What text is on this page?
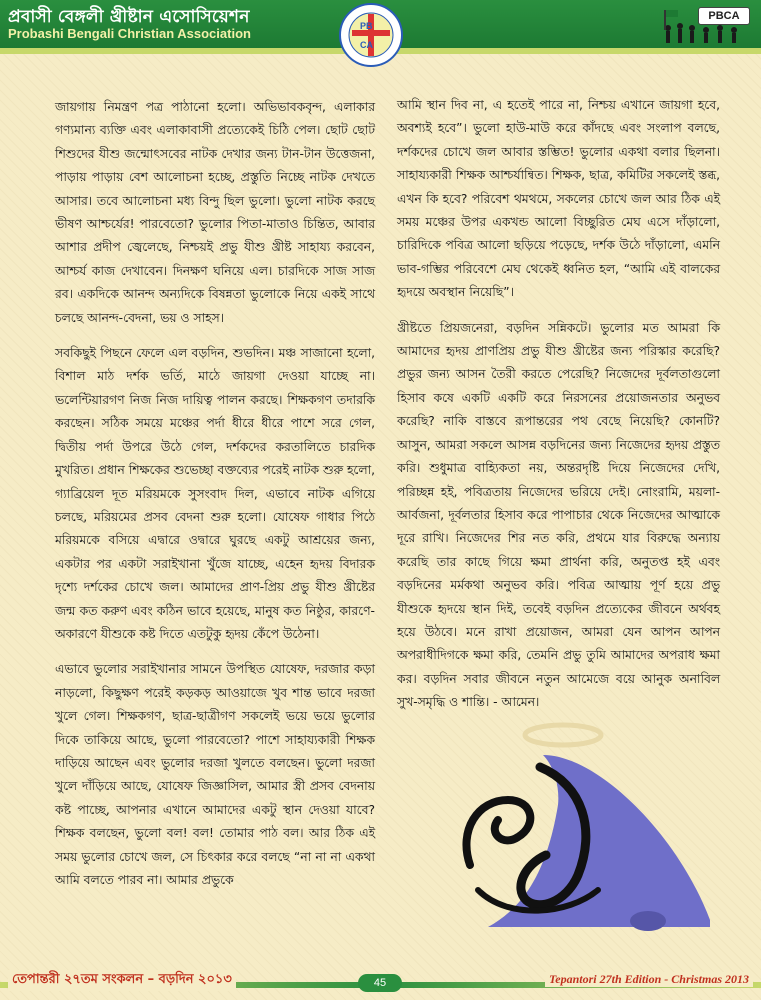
প্রবাসী বেঙ্গলী খ্রীষ্টান এসোসিয়েশন
Probashi Bengali Christian Association	PB
CA
PBCA

জায়গায় নিমন্ত্রণ পত্র পাঠানো হলো। অভিভাবকবৃন্দ, এলাকার গণ্যমান্য ব্যক্তি এবং এলাকাবাসী প্রত্যেকেই চিঠি পেল। ছোট ছোট শিশুদের যীশু জন্মোৎসবের নাটক দেখার জন্য টান-টান উত্তেজনা, পাড়ায় পাড়ায় বেশ আলোচনা হচ্ছে, প্রস্তুতি নিচ্ছে নাটক দেখতে আসার। তবে আলোচনা মধ্য বিন্দু ছিল ভুলো। ভুলো নাটক করছে ভীষণ আশ্চর্যের! পারবেতো? ভুলোর পিতা-মাতাও চিন্তিত, আবার আশার প্রদীপ জ্বেলেছে, নিশ্চয়ই প্রভু যীশু খ্রীষ্ট সাহায্য করবেন, আশ্চর্য কাজ দেখাবেন। দিনক্ষণ ঘনিয়ে এল। চারদিকে সাজ সাজ রব। একদিকে আনন্দ অন্যদিকে বিষন্নতা ভুলোকে নিয়ে একই সাথে চলছে আনন্দ-বেদনা, ভয় ও সাহস।

সবকিছুই পিছনে ফেলে এল বড়দিন, শুভদিন। মঞ্চ সাজানো হলো, বিশাল মাঠ দর্শক ভর্তি, মাঠে জায়গা দেওয়া যাচ্ছে না। ভলেন্টিয়ারগণ নিজ নিজ দায়িত্ব পালন করছে। শিক্ষকগণ তদারকি করছেন। সঠিক সময়ে মঞ্চের পর্দা ধীরে ধীরে পাশে সরে গেল, দ্বিতীয় পর্দা উপরে উঠে গেল, দর্শকদের করতালিতে চারদিক মুখরিত। প্রধান শিক্ষকের শুভেচ্ছা বক্তব্যের পরেই নাটক শুরু হলো, গ্যাব্রিয়েল দূত মরিয়মকে সুসংবাদ দিল, এভাবে নাটক এগিয়ে চলছে, মরিয়মের প্রসব বেদনা শুরু হলো। যোষেফ গাধার পিঠে মরিয়মকে বসিয়ে এদ্বারে ওদ্বারে ঘুরছে একটু আশ্রয়ের জন্য, একটার পর একটা সরাইখানা খুঁজে যাচ্ছে, এহেন হৃদয় বিদারক দৃশ্যে দর্শকের চোখে জল। আমাদের প্রাণ-প্রিয় প্রভু যীশু খ্রীষ্টের জন্ম কত করুণ এবং কঠিন ভাবে হয়েছে, মানুষ কত নিষ্ঠুর, কারণে-অকারণে যীশুকে কষ্ট দিতে এতটুকু হৃদয় কেঁপে উঠেনা।

এভাবে ভুলোর সরাইখানার সামনে উপস্থিত যোষেফ, দরজার কড়া নাড়লো, কিছুক্ষণ পরেই কড়কড় আওয়াজে খুব শান্ত ভাবে দরজা খুলে গেল। শিক্ষকগণ, ছাত্র-ছাত্রীগণ সকলেই ভয়ে ভয়ে ভুলোর দিকে তাকিয়ে আছে, ভুলো পারবেতো? পাশে সাহায্যকারী শিক্ষক দাড়িয়ে আছেন এবং ভুলোর দরজা খুলতে বলছেন। ভুলো দরজা খুলে দাঁড়িয়ে আছে, যোষেফ জিজ্ঞাসিল, আমার স্ত্রী প্রসব বেদনায় কষ্ট পাচ্ছে, আপনার এখানে আমাদের একটু স্থান দেওয়া যাবে? শিক্ষক বলছেন, ভুলো বল! বল! তোমার পাঠ বল। আর ঠিক এই সময় ভুলোর চোখে জল, সে চিৎকার করে বলছে “না না না একথা আমি বলতে পারব না। আমার প্রভুকে

আমি স্থান দিব না, এ হতেই পারে না, নিশ্চয় এখানে জায়গা হবে, অবশ্যই হবে”। ভুলো হাউ-মাউ করে কাঁদছে এবং সংলাপ বলছে, দর্শকদের চোখে জল আবার স্তম্ভিত! ভুলোর একথা বলার ছিলনা। সাহায্যকারী শিক্ষক আশ্চর্যান্বিত। শিক্ষক, ছাত্র, কমিটির সকলেই স্তব্ধ, এখন কি হবে? পরিবেশ থমথমে, সকলের চোখে জল আর ঠিক এই সময় মঞ্চের উপর একখন্ড আলো বিচ্ছুরিত মেঘ এসে দাঁড়ালো, চারিদিকে পবিত্র আলো ছড়িয়ে পড়েছে, দর্শক উঠে দাঁড়ালো, এমনি ভাব-গম্ভির পরিবেশে মেঘ থেকেই ধ্বনিত হল, “আমি এই বালকের হৃদয়ে অবস্থান নিয়েছি”।

খ্রীষ্টতে প্রিয়জনেরা, বড়দিন সন্নিকটে। ভুলোর মত আমরা কি আমাদের হৃদয় প্রাণপ্রিয় প্রভু যীশু খ্রীষ্টের জন্য পরিস্কার করেছি? প্রভুর জন্য আসন তৈরী করতে পেরেছি? নিজেদের দূর্বলতাগুলো হিসাব কষে একটি একটি করে নিরসনের প্রয়োজনতার অনুভব করেছি? নাকি বাস্তবে রূপান্তরের পথ বেছে নিয়েছি? কোনটি? আসুন, আমরা সকলে আসন্ন বড়দিনের জন্য নিজেদের হৃদয় প্রস্তুত করি। শুধুমাত্র বাহ্যিকতা নয়, অন্তরদৃষ্টি দিয়ে নিজেদের দেখি, পরিচ্ছন্ন হই, পবিত্রতায় নিজেদের ভরিয়ে দেই। নোংরামি, ময়লা-আর্বজনা, দূর্বলতার হিসাব করে পাপাচার থেকে নিজেদের আত্মাকে দূরে রাখি। নিজেদের শির নত করি, প্রথমে যার বিরুদ্ধে অন্যায় করেছি তার কাছে গিয়ে ক্ষমা প্রার্থনা করি, অনুতপ্ত হই এবং বড়দিনের মর্মকথা অনুভব করি। পবিত্র আত্মায় পূর্ণ হয়ে প্রভু যীশুকে হৃদয়ে স্থান দিই, তবেই বড়দিন প্রত্যেকের জীবনে অর্থবহ হয়ে উঠবে। মনে রাখা প্রয়োজন, আমরা যেন আপন আপন অপরাধীদিগকে ক্ষমা করি, তেমনি প্রভু তুমি আমাদের অপরাধ ক্ষমা কর। বড়দিন সবার জীবনে নতুন আমেজে বয়ে আনুক অনাবিল সুখ-সমৃদ্ধি ও শান্তি। - আমেন।

তেপান্তরী ২৭তম সংকলন – বড়দিন ২০১৩	45	Tepantori 27th Edition - Christmas 2013
